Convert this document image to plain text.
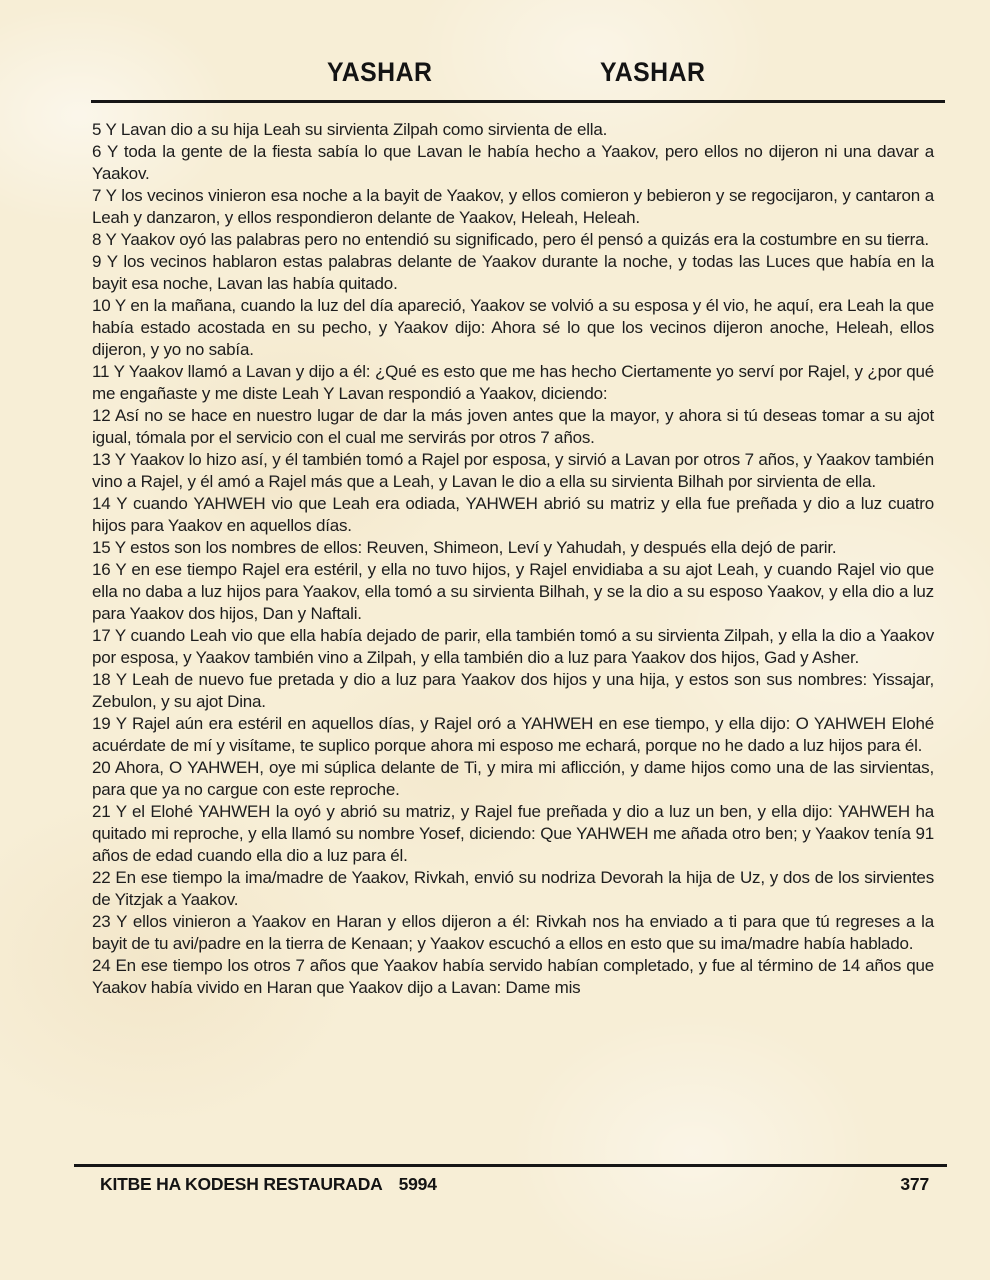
YASHAR	YASHAR

5 Y Lavan dio a su hija Leah su sirvienta Zilpah como sirvienta de ella.

6 Y toda la gente de la fiesta sabía lo que Lavan le había hecho a Yaakov, pero ellos no dijeron ni una davar a Yaakov.

7 Y los vecinos vinieron esa noche a la bayit de Yaakov, y ellos comieron y bebieron y se regocijaron, y cantaron a Leah y danzaron, y ellos respondieron delante de Yaakov, Heleah, Heleah.

8 Y Yaakov oyó las palabras pero no entendió su significado, pero él pensó a quizás era la costumbre en su tierra.

9 Y los vecinos hablaron estas palabras delante de Yaakov durante la noche, y todas las Luces que había en la bayit esa noche, Lavan las había quitado.

10 Y en la mañana, cuando la luz del día apareció, Yaakov se volvió a su esposa y él vio, he aquí, era Leah la que había estado acostada en su pecho, y Yaakov dijo: Ahora sé lo que los vecinos dijeron anoche, Heleah, ellos dijeron, y yo no sabía.

11 Y Yaakov llamó a Lavan y dijo a él: ¿Qué es esto que me has hecho Ciertamente yo serví por Rajel, y ¿por qué me engañaste y me diste Leah Y Lavan respondió a Yaakov, diciendo:

12 Así no se hace en nuestro lugar de dar la más joven antes que la mayor, y ahora si tú deseas tomar a su ajot igual, tómala por el servicio con el cual me servirás por otros 7 años.

13 Y Yaakov lo hizo así, y él también tomó a Rajel por esposa, y sirvió a Lavan por otros 7 años, y Yaakov también vino a Rajel, y él amó a Rajel más que a Leah, y Lavan le dio a ella su sirvienta Bilhah por sirvienta de ella.

14 Y cuando YAHWEH vio que Leah era odiada, YAHWEH abrió su matriz y ella fue preñada y dio a luz cuatro hijos para Yaakov en aquellos días.

15 Y estos son los nombres de ellos: Reuven, Shimeon, Leví y Yahudah, y después ella dejó de parir.

16 Y en ese tiempo Rajel era estéril, y ella no tuvo hijos, y Rajel envidiaba a su ajot Leah, y cuando Rajel vio que ella no daba a luz hijos para Yaakov, ella tomó a su sirvienta Bilhah, y se la dio a su esposo Yaakov, y ella dio a luz para Yaakov dos hijos, Dan y Naftali.

17 Y cuando Leah vio que ella había dejado de parir, ella también tomó a su sirvienta Zilpah, y ella la dio a Yaakov por esposa, y Yaakov también vino a Zilpah, y ella también dio a luz para Yaakov dos hijos, Gad y Asher.

18 Y Leah de nuevo fue pretada y dio a luz para Yaakov dos hijos y una hija, y estos son sus nombres: Yissajar, Zebulon, y su ajot Dina.

19 Y Rajel aún era estéril en aquellos días, y Rajel oró a YAHWEH en ese tiempo, y ella dijo: O YAHWEH Elohé acuérdate de mí y visítame, te suplico porque ahora mi esposo me echará, porque no he dado a luz hijos para él.

20 Ahora, O YAHWEH, oye mi súplica delante de Ti, y mira mi aflicción, y dame hijos como una de las sirvientas, para que ya no cargue con este reproche.

21 Y el Elohé YAHWEH la oyó y abrió su matriz, y Rajel fue preñada y dio a luz un ben, y ella dijo: YAHWEH ha quitado mi reproche, y ella llamó su nombre Yosef, diciendo: Que YAHWEH me añada otro ben; y Yaakov tenía 91 años de edad cuando ella dio a luz para él.

22 En ese tiempo la ima/madre de Yaakov, Rivkah, envió su nodriza Devorah la hija de Uz, y dos de los sirvientes de Yitzjak a Yaakov.

23 Y ellos vinieron a Yaakov en Haran y ellos dijeron a él: Rivkah nos ha enviado a ti para que tú regreses a la bayit de tu avi/padre en la tierra de Kenaan; y Yaakov escuchó a ellos en esto que su ima/madre había hablado.

24 En ese tiempo los otros 7 años que Yaakov había servido habían completado, y fue al término de 14 años que Yaakov había vivido en Haran que Yaakov dijo a Lavan: Dame mis

KITBE HA KODESH RESTAURADA 5994	377
